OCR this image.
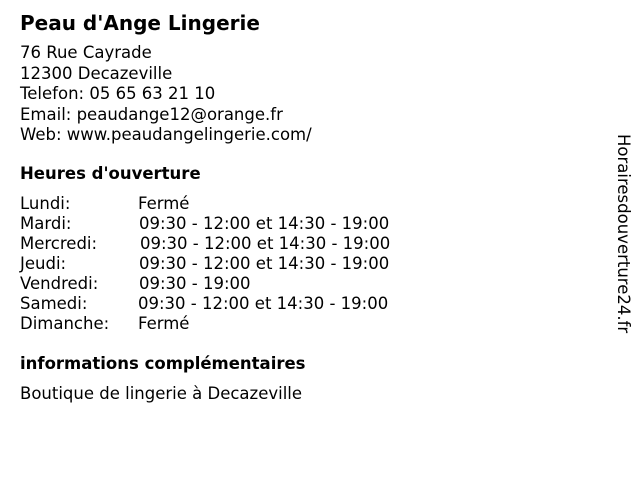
Peau d'Ange Lingerie
76 Rue Cayrade
12300 Decazeville
Telefon: 05 65 63 21 10
Email: peaudange12@orange.fr
Web: www.peaudangelingerie.com/
Heures d'ouverture
Lundi:	Fermé
Mardi:	09:30 - 12:00 et 14:30 - 19:00
Mercredi:	09:30 - 12:00 et 14:30 - 19:00
Jeudi:	09:30 - 12:00 et 14:30 - 19:00
Vendredi: 09:30 - 19:00
Samedi:	09:30 - 12:00 et 14:30 - 19:00
Dimanche: Fermé
informations complémentaires
Boutique de lingerie à Decazeville
Horairesdouverture24.fr
